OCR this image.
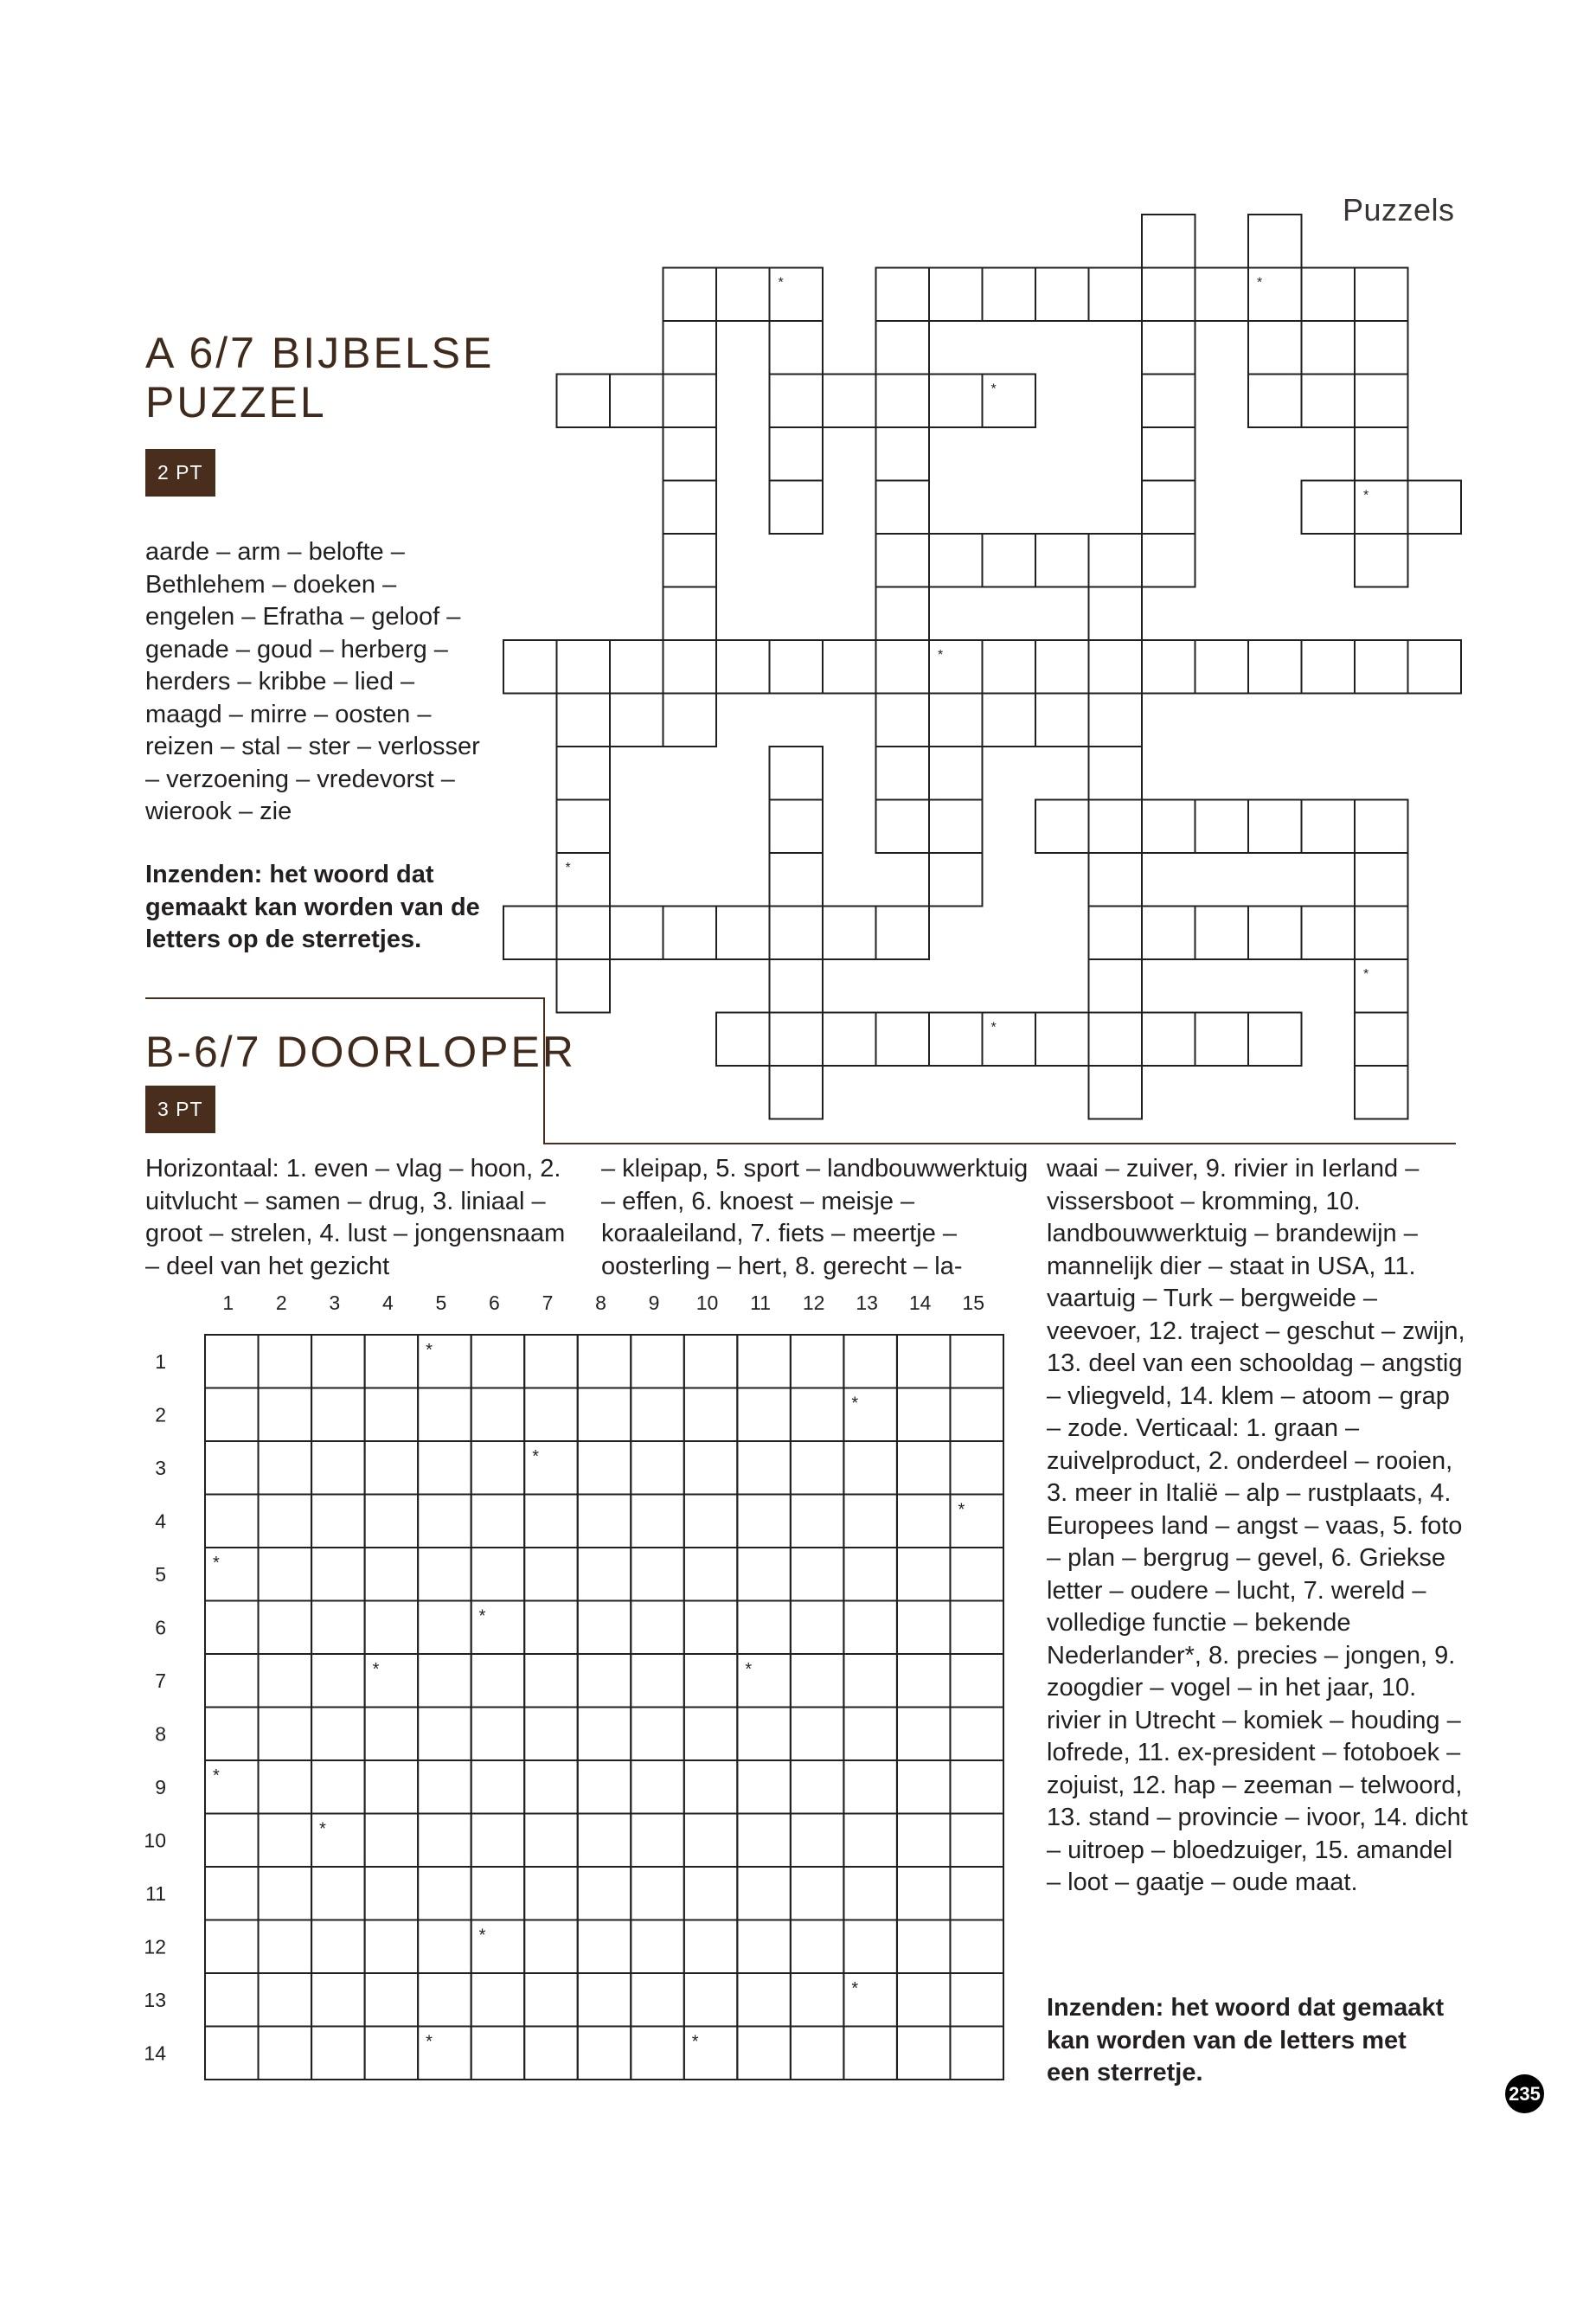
Puzzels
A 6/7 BIJBELSE PUZZEL
2 PT

aarde – arm – belofte – Bethlehem – doeken – engelen – Efratha – geloof – genade – goud – herberg – herders – kribbe – lied – maagd – mirre – oosten – reizen – stal – ster – verlosser – verzoening – vredevorst – wierook – zie

Inzenden: het woord dat gemaakt kan worden van de letters op de sterretjes.

*	*
*
*
*
*
*
*
B-6/7 DOORLOPER
3 PT

Horizontaal: 1. even – vlag – hoon, 2. uitvlucht – samen – drug, 3. liniaal – groot – strelen, 4. lust – jongensnaam – deel van het gezicht

– kleipap, 5. sport – landbouwwerktuig – effen, 6. knoest – meisje – koraaleiland, 7. fiets – meertje – oosterling – hert, 8. gerecht – la-

waai – zuiver, 9. rivier in Ierland – vissersboot – kromming, 10. landbouwwerktuig – brandewijn – mannelijk dier – staat in USA, 11. vaartuig – Turk – bergweide – veevoer, 12. traject – geschut – zwijn, 13. deel van een schooldag – angstig – vliegveld, 14. klem – atoom – grap – zode. Verticaal: 1. graan – zuivelproduct, 2. onderdeel – rooien, 3. meer in Italië – alp – rustplaats, 4. Europees land – angst – vaas, 5. foto – plan – bergrug – gevel, 6. Griekse letter – oudere – lucht, 7. wereld – volledige functie – bekende Nederlander*, 8. precies – jongen, 9. zoogdier – vogel – in het jaar, 10. rivier in Utrecht – komiek – houding – lofrede, 11. ex-president – fotoboek – zojuist, 12. hap – zeeman – telwoord, 13. stand – provincie – ivoor, 14. dicht – uitroep – bloedzuiger, 15. amandel – loot – gaatje – oude maat.

Inzenden: het woord dat gemaakt kan worden van de letters met een sterretje.

1 2 3 4 5 6 7 8 9 10 11 12 13 14 15
1
2
3
4
5
6
7
8
9
10
11
12
13
14
*
*
*
*
*
*
*	*
*
*
*
*
*	*
235
